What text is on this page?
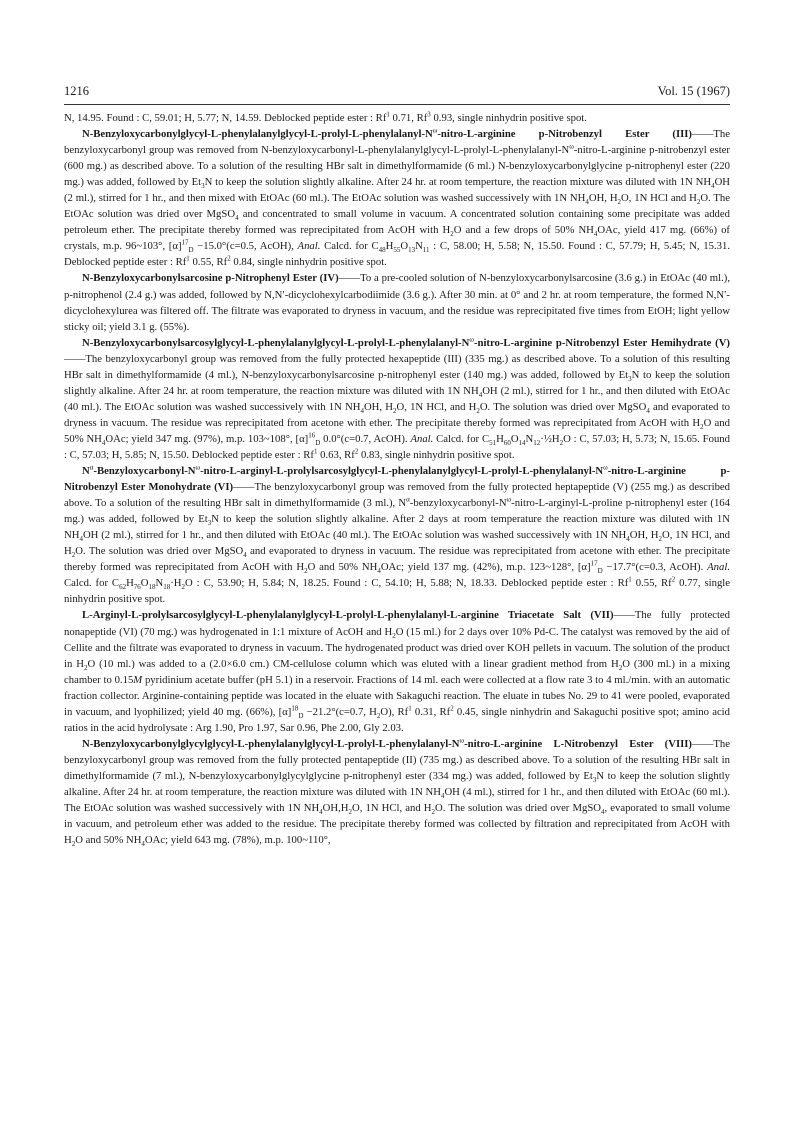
1216	Vol. 15 (1967)

N, 14.95. Found : C, 59.01; H, 5.77; N, 14.59. Deblocked peptide ester : Rf$^1$ 0.71, Rf$^3$ 0.93, single ninhydrin positive spot.

$N-Benzyloxycarbonylglycyl-L-phenylalanylglycyl-L-prolyl-L-phenylalanyl-N^\omega-nitro-L$-arginine p-Nitrobenzyl Ester (III)——The benzyloxycarbonyl group was removed from $N-benzyloxycarbonyl-L-phenylalanylglycyl-L-prolyl-L-phenylalanyl-N^\omega-nitro-L$-arginine p-nitrobenzyl ester (600 mg.) as described above. To a solution of the resulting HBr salt in dimethylformamide (6 ml.) N-benzyloxycarbonylglycine p-nitrophenyl ester (220 mg.) was added, followed by $Et_3N$ to keep the solution slightly alkaline. After 24 hr. at room temperture, the reaction mixture was diluted with 1N $NH_4OH$ (2 ml.), stirred for 1 hr., and then mixed with EtOAc (60 ml.). The EtOAc solution was washed successively with 1N $NH_4OH$, $H_2O$, 1N HCl and $H_2O$. The EtOAc solution was dried over MgSO$_4$ and concentrated to small volume in vacuum. A concentrated solution containing some precipitate was added petroleum ether. The precipitate thereby formed was reprecipitated from AcOH with $H_2O$ and a few drops of 50% $NH_4OAc$, yield 417 mg. (66%) of crystals, m.p. 96~103°, $[\alpha]^{17}_D -15.0^\circ(c=0.5$, AcOH), Anal. Calcd. for $C_{48}H_{55}O_{13}N_{11}$ : C, 58.00; H, 5.58; N, 15.50. Found : C, 57.79; H, 5.45; N, 15.31. Deblocked peptide ester : Rf$^1$ 0.55, Rf$^2$ 0.84, single ninhydrin positive spot.

N-Benzyloxycarbonylsarcosine p-Nitrophenyl Ester (IV)——To a pre-cooled solution of N-benzyloxycarbonylsarcosine (3.6 g.) in EtOAc (40 ml.), p-nitrophenol (2.4 g.) was added, followed by N,N′-dicyclohexylcarbodiimide (3.6 g.). After 30 min. at 0° and 2 hr. at room temperature, the formed N,N′-dicyclohexylurea was filtered off. The filtrate was evaporated to dryness in vacuum, and the residue was reprecipitated five times from EtOH; light yellow sticky oil; yield 3.1 g. (55%).

$N-Benzyloxycarbonylsarcosylglycyl-L-phenylalanylglycyl-L-prolyl-L-phenylalanyl-N^\omega-nitro-L$-arginine p-Nitrobenzyl Ester Hemihydrate (V)——The benzyloxycarbonyl group was removed from the fully protected hexapeptide (III) (335 mg.) as described above. To a solution of this resulting HBr salt in dimethylformamide (4 ml.), N-benzyloxycarbonylsarcosine p-nitrophenyl ester (140 mg.) was added, followed by $Et_3N$ to keep the solution slightly alkaline. After 24 hr. at room temperature, the reaction mixture was diluted with 1N $NH_4OH$ (2 ml.), stirred for 1 hr., and then diluted with EtOAc (40 ml.). The EtOAc solution was washed successively with 1N $NH_4OH$, $H_2O$, 1N HCl, and $H_2O$. The solution was dried over MgSO$_4$ and evaporated to dryness in vacuum. The residue was reprecipitated from acetone with ether. The precipitate thereby formed was reprecipitated from AcOH with $H_2O$ and 50% $NH_4OAc$; yield 347 mg. (97%), m.p. 103~108°, $[\alpha]^{16}_D$ 0.0°(c=0.7, AcOH). Anal. Calcd. for $C_{51}H_{60}O_{14}N_{12}\cdot\frac{1}{2}H_2O$ : C, 57.03; H, 5.73; N, 15.65. Found : C, 57.03; H, 5.85; N, 15.50. Deblocked peptide ester : Rf$^1$ 0.63, Rf$^2$ 0.83, single ninhydrin positive spot.

$N^\alpha-Benzyloxycarbonyl-N^\omega-nitro-L-arginyl-L-prolylsarcosylglycyl-L-phenylalanylglycyl-L-prolyl-L-phenylalanyl-N^\omega-nitro-L-a$rginine p-Nitrobenzyl Ester Monohydrate (VI)——The benzyloxycarbonyl group was removed from the fully protected heptapeptide (V) (255 mg.) as described above. To a solution of the resulting HBr salt in dimethylformamide (3 ml.), $N^\alpha-benzyloxycarbonyl-N^\omega-nitro-L-arginyl-L$-proline p-nitrophenyl ester (164 mg.) was added, followed by $Et_3N$ to keep the solution slightly alkaline. After 2 days at room temperature the reaction mixture was diluted with 1N $NH_4OH$ (2 ml.), stirred for 1 hr., and then diluted with EtOAc (40 ml.). The EtOAc solution was washed successively with 1N $NH_4OH$, $H_2O$, 1N HCl, and $H_2O$. The solution was dried over MgSO$_4$ and evaporated to dryness in vacuum. The residue was reprecipitated from acetone with ether. The precipitate thereby formed was reprecipitated from AcOH with $H_2O$ and 50% $NH_4OAc$; yield 137 mg. (42%), m.p. 123~128°, $[\alpha]^{17}_D -17.7^\circ(c=0.3$, AcOH). Anal. Calcd. for $C_{62}H_{76}O_{18}N_{18}\cdot H_2O$ : C, 53.90; H, 5.84; N, 18.25. Found : C, 54.10; H, 5.88; N, 18.33. Deblocked peptide ester : Rf$^1$ 0.55, Rf$^2$ 0.77, single ninhydrin positive spot.

L-Arginyl-L-prolylsarcosylglycyl-L-phenylalanylglycyl-L-prolyl-L-phenylalanyl-L-arginine Triacetate Salt (VII)——The fully protected nonapeptide (VI) (70 mg.) was hydrogenated in 1:1 mixture of AcOH and $H_2O$ (15 ml.) for 2 days over 10% Pd-C. The catalyst was removed by the aid of Cellite and the filtrate was evaporated to dryness in vacuum. The hydrogenated product was dried over KOH pellets in vacuum. The solution of the product in $H_2O$ (10 ml.) was added to a (2.0×6.0 cm.) CM-cellulose column which was eluted with a linear gradient method from $H_2O$ (300 ml.) in a mixing chamber to 0.15M pyridinium acetate buffer (pH 5.1) in a reservoir. Fractions of 14 ml. each were collected at a flow rate 3 to 4 ml./min. with an automatic fraction collector. Arginine-containing peptide was located in the eluate with Sakaguchi reaction. The eluate in tubes No. 29 to 41 were pooled, evaporated in vacuum, and lyophilized; yield 40 mg. (66%), $[\alpha]^{18}_D -21.2^\circ(c=0.7$, $H_2O$), Rf$^1$ 0.31, Rf$^2$ 0.45, single ninhydrin and Sakaguchi positive spot; amino acid ratios in the acid hydrolysate : Arg 1.90, Pro 1.97, Sar 0.96, Phe 2.00, Gly 2.03.

$N-Benzyloxycarbonylglycylglycyl-L-phenylalanylglycyl-L-prolyl-L-phenylalanyl-N^\omega-nitro-L$-arginine L-Nitrobenzyl Ester (VIII)——The benzyloxycarbonyl group was removed from the fully protected pentapeptide (II) (735 mg.) as described above. To a solution of the resulting HBr salt in dimethylformamide (7 ml.), N-benzyloxycarbonylglycylglycine p-nitrophenyl ester (334 mg.) was added, followed by $Et_3N$ to keep the solution slightly alkaline. After 24 hr. at room temperature, the reaction mixture was diluted with 1N $NH_4OH$ (4 ml.), stirred for 1 hr., and then diluted with EtOAc (60 ml.). The EtOAc solution was washed successively with 1N $NH_4OH,H_2O$, 1N HCl, and $H_2O$. The solution was dried over MgSO$_4$, evaporated to small volume in vacuum, and petroleum ether was added to the residue. The precipitate thereby formed was collected by filtration and reprecipitated from AcOH with $H_2O$ and 50% $NH_4OAc$; yield 643 mg. (78%), m.p. 100~110°,
